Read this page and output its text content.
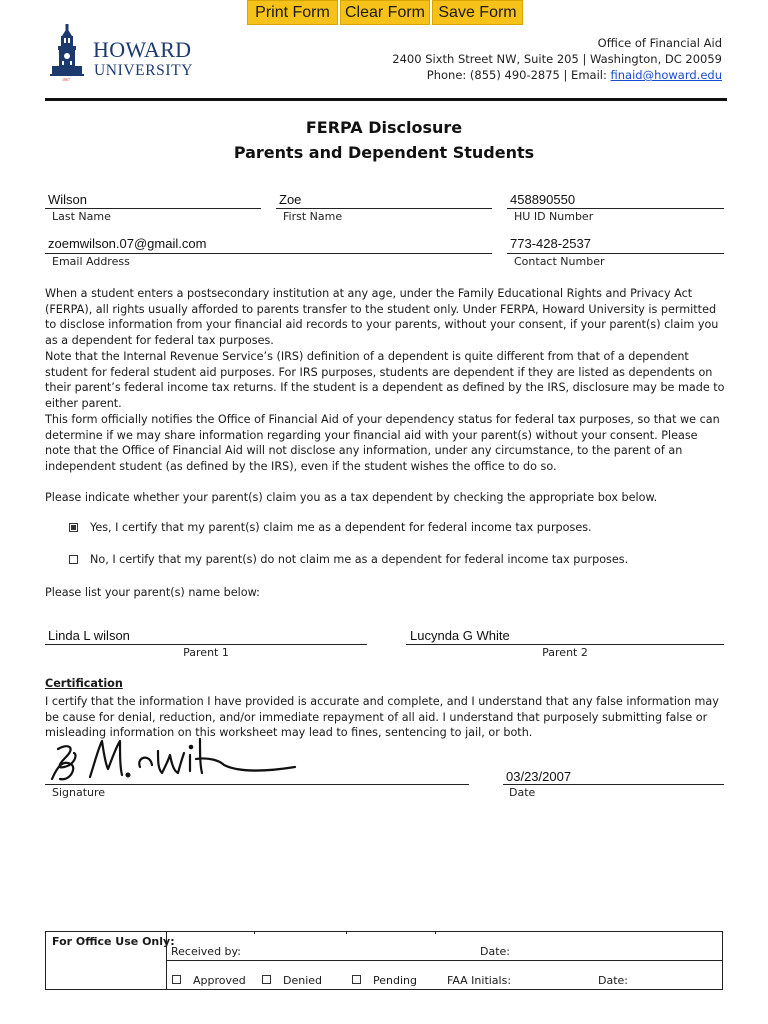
Print Form Clear Form Save Form
1867
HOWARD
UNIVERSITY
Office of Financial Aid
2400 Sixth Street NW, Suite 205 | Washington, DC 20059
Phone: (855) 490-2875 | Email: finaid@howard.edu
FERPA Disclosure
Parents and Dependent Students
Wilson
Last Name
Zoe	First Name
458890550	HU ID Number
zoemwilson.07@gmail.com
Email Address
773-428-2537	Contact Number

When a student enters a postsecondary institution at any age, under the Family Educational Rights and Privacy Act (FERPA), all rights usually afforded to parents transfer to the student only. Under FERPA, Howard University is permitted to disclose information from your financial aid records to your parents, without your consent, if your parent(s) claim you as a dependent for federal tax purposes.

Note that the Internal Revenue Service’s (IRS) definition of a dependent is quite different from that of a dependent student for federal student aid purposes. For IRS purposes, students are dependent if they are listed as dependents on their parent’s federal income tax returns. If the student is a dependent as defined by the IRS, disclosure may be made to either parent.

This form officially notifies the Office of Financial Aid of your dependency status for federal tax purposes, so that we can determine if we may share information regarding your financial aid with your parent(s) without your consent. Please note that the Office of Financial Aid will not disclose any information, under any circumstance, to the parent of an independent student (as defined by the IRS), even if the student wishes the office to do so.

Please indicate whether your parent(s) claim you as a tax dependent by checking the appropriate box below.

Yes, I certify that my parent(s) claim me as a dependent for federal income tax purposes.
No, I certify that my parent(s) do not claim me as a dependent for federal income tax purposes.
Please list your parent(s) name below:
Linda L wilson
Parent 1
Lucynda G White	Parent 2
Certification

I certify that the information I have provided is accurate and complete, and I understand that any false information may be cause for denial, reduction, and/or immediate repayment of all aid. I understand that purposely submitting false or misleading information on this worksheet may lead to fines, sentencing to jail, or both.

Signature
03/23/2007	Date
For Office Use Only:
Received by:	Date:
Approved	Denied	Pending	FAA Initials:	Date:
